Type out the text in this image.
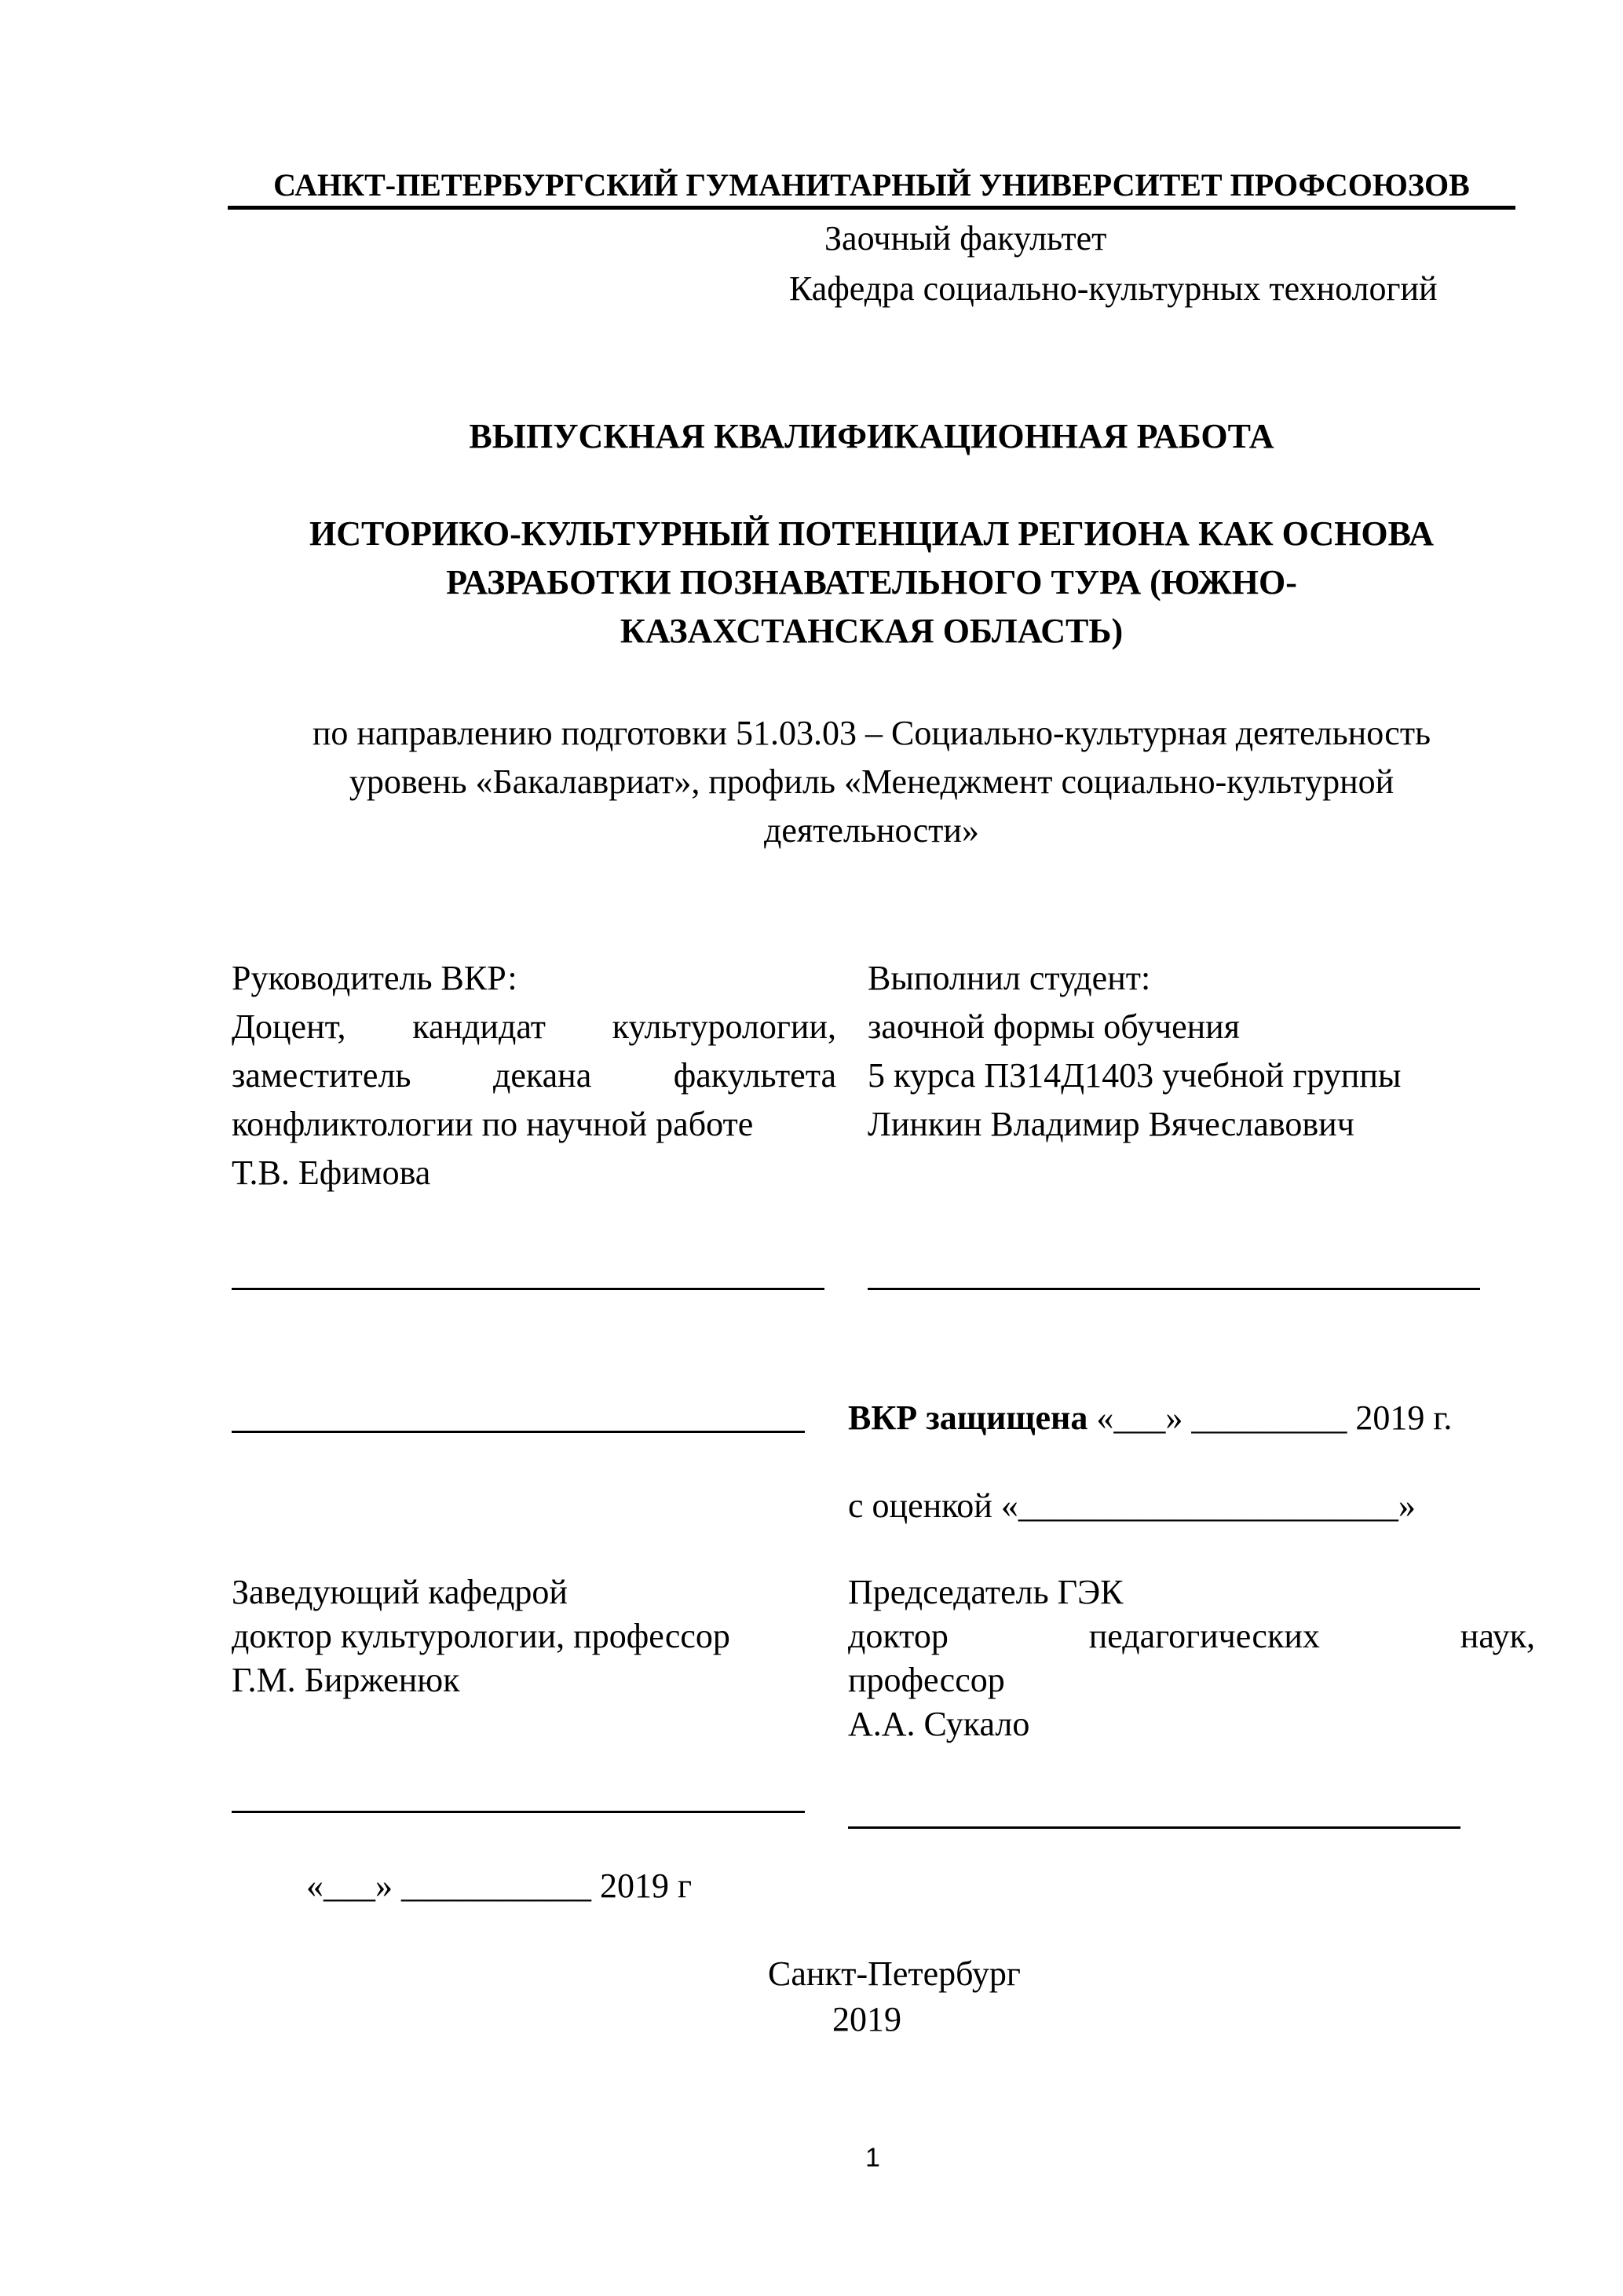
САНКТ-ПЕТЕРБУРГСКИЙ ГУМАНИТАРНЫЙ УНИВЕРСИТЕТ ПРОФСОЮЗОВ
Заочный факультет
Кафедра социально-культурных технологий
ВЫПУСКНАЯ КВАЛИФИКАЦИОННАЯ РАБОТА
ИСТОРИКО-КУЛЬТУРНЫЙ ПОТЕНЦИАЛ РЕГИОНА КАК ОСНОВА
РАЗРАБОТКИ ПОЗНАВАТЕЛЬНОГО ТУРА (ЮЖНО-
КАЗАХСТАНСКАЯ ОБЛАСТЬ)
по направлению подготовки 51.03.03 – Социально-культурная деятельность
уровень «Бакалавриат», профиль «Менеджмент социально-культурной
деятельности»
Руководитель ВКР:
Доцент, кандидат культурологии,
заместитель декана факультета
конфликтологии по научной работе
Т.В. Ефимова
Выполнил студент:
заочной формы обучения
5 курса ПЗ14Д1403 учебной группы
Линкин Владимир Вячеславович
ВКР защищена «___» _________ 2019 г.
с оценкой «______________________»
Заведующий кафедрой
доктор культурологии, профессор
Г.М. Бирженюк
«___» ___________ 2019 г
Председатель ГЭК
доктор	педагогических	наук,
профессор
А.А. Сукало
Санкт-Петербург
2019
1
